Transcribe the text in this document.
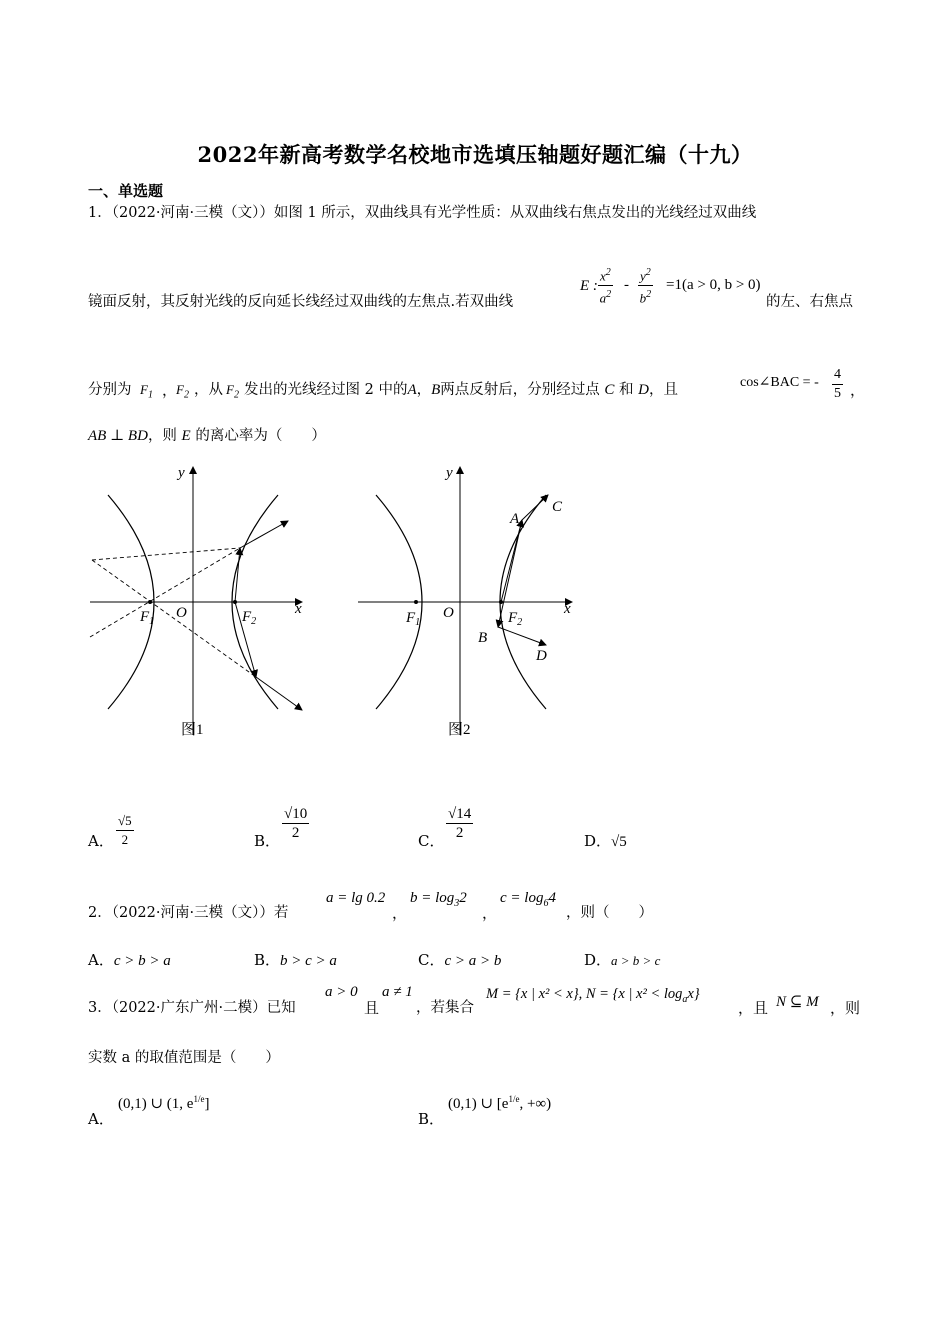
2022年新高考数学名校地市选填压轴题好题汇编（十九）
一、单选题
1．（2022·河南·三模（文））如图 1 所示，双曲线具有光学性质：从双曲线右焦点发出的光线经过双曲线
镜面反射，其反射光线的反向延长线经过双曲线的左焦点.若双曲线
E : $\frac{x^2}{a^2} - \frac{y^2}{b^2} =1(a > 0$, b > 0)
的左、右焦点
分别为 $F_1$ ，
$F_2$ ，从 $F_2$ 发出的光线经过图 2 中的A，B两点反射后，分别经过点 C 和 D，且	cos∠BAC = - $\frac{4}{5}$ ，
AB ⊥ BD，则 E 的离心率为（　　）
x
y
O
$F_1$	$F_2$
图1
x
y
O
$F_1$	$F_2$
A
C
B
D
图2
A． $\frac{√5}{2}$	B． $\frac{√10}{2}$	C． $\frac{√14}{2}$	D．√5
2．（2022·河南·三模（文））若
a = lg 0.2
，
$b = \log_32$
，
$c = \log_64$
，则（　　）
A．c > b > a	B．b > c > a	C．c > a > b	D．a > b > c
3．（2022·广东广州·二模）已知
a > 0
且
a ≠ 1
，若集合
M = {x | x² < x}, N = {x | $x^2 < \log_ax$}
，且 N ⊆ M ，则
实数 a 的取值范围是（　　）
A．
(0,1) ∪ (1, $e^{1/e}$]
B．
(0,1) ∪ [$e^{1/e}$, +∞)
